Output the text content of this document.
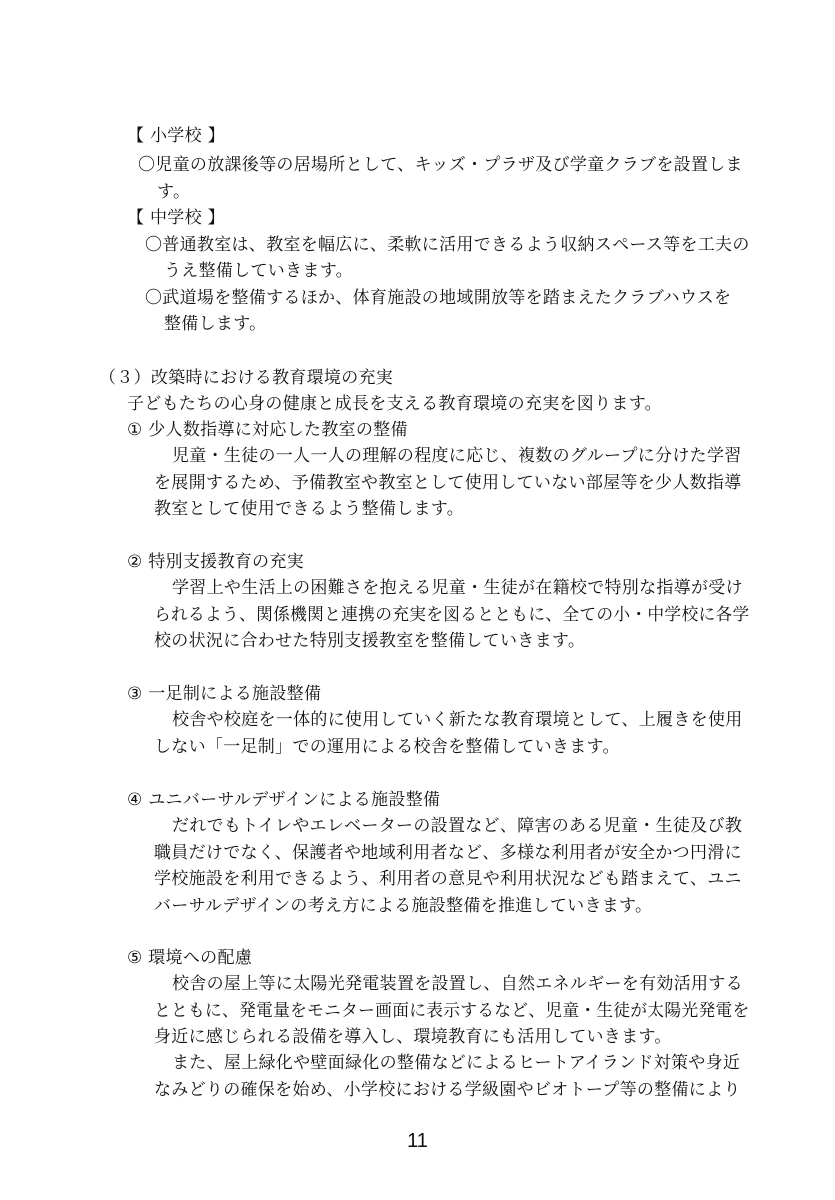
【 小学校 】
〇児童の放課後等の居場所として、キッズ・プラザ及び学童クラブを設置しま
す。
【 中学校 】
〇普通教室は、教室を幅広に、柔軟に活用できるよう収納スペース等を工夫の
うえ整備していきます。
〇武道場を整備するほか、体育施設の地域開放等を踏まえたクラブハウスを
整備します。
（３）改築時における教育環境の充実
子どもたちの心身の健康と成長を支える教育環境の充実を図ります。
① 少人数指導に対応した教室の整備
児童・生徒の一人一人の理解の程度に応じ、複数のグループに分けた学習
を展開するため、予備教室や教室として使用していない部屋等を少人数指導
教室として使用できるよう整備します。
② 特別支援教育の充実
学習上や生活上の困難さを抱える児童・生徒が在籍校で特別な指導が受け
られるよう、関係機関と連携の充実を図るとともに、全ての小・中学校に各学
校の状況に合わせた特別支援教室を整備していきます。
③ 一足制による施設整備
校舎や校庭を一体的に使用していく新たな教育環境として、上履きを使用
しない「一足制」での運用による校舎を整備していきます。
④ ユニバーサルデザインによる施設整備
だれでもトイレやエレベーターの設置など、障害のある児童・生徒及び教
職員だけでなく、保護者や地域利用者など、多様な利用者が安全かつ円滑に
学校施設を利用できるよう、利用者の意見や利用状況なども踏まえて、ユニ
バーサルデザインの考え方による施設整備を推進していきます。
⑤ 環境への配慮
校舎の屋上等に太陽光発電装置を設置し、自然エネルギーを有効活用する
とともに、発電量をモニター画面に表示するなど、児童・生徒が太陽光発電を
身近に感じられる設備を導入し、環境教育にも活用していきます。
また、屋上緑化や壁面緑化の整備などによるヒートアイランド対策や身近
なみどりの確保を始め、小学校における学級園やビオトープ等の整備により
11
